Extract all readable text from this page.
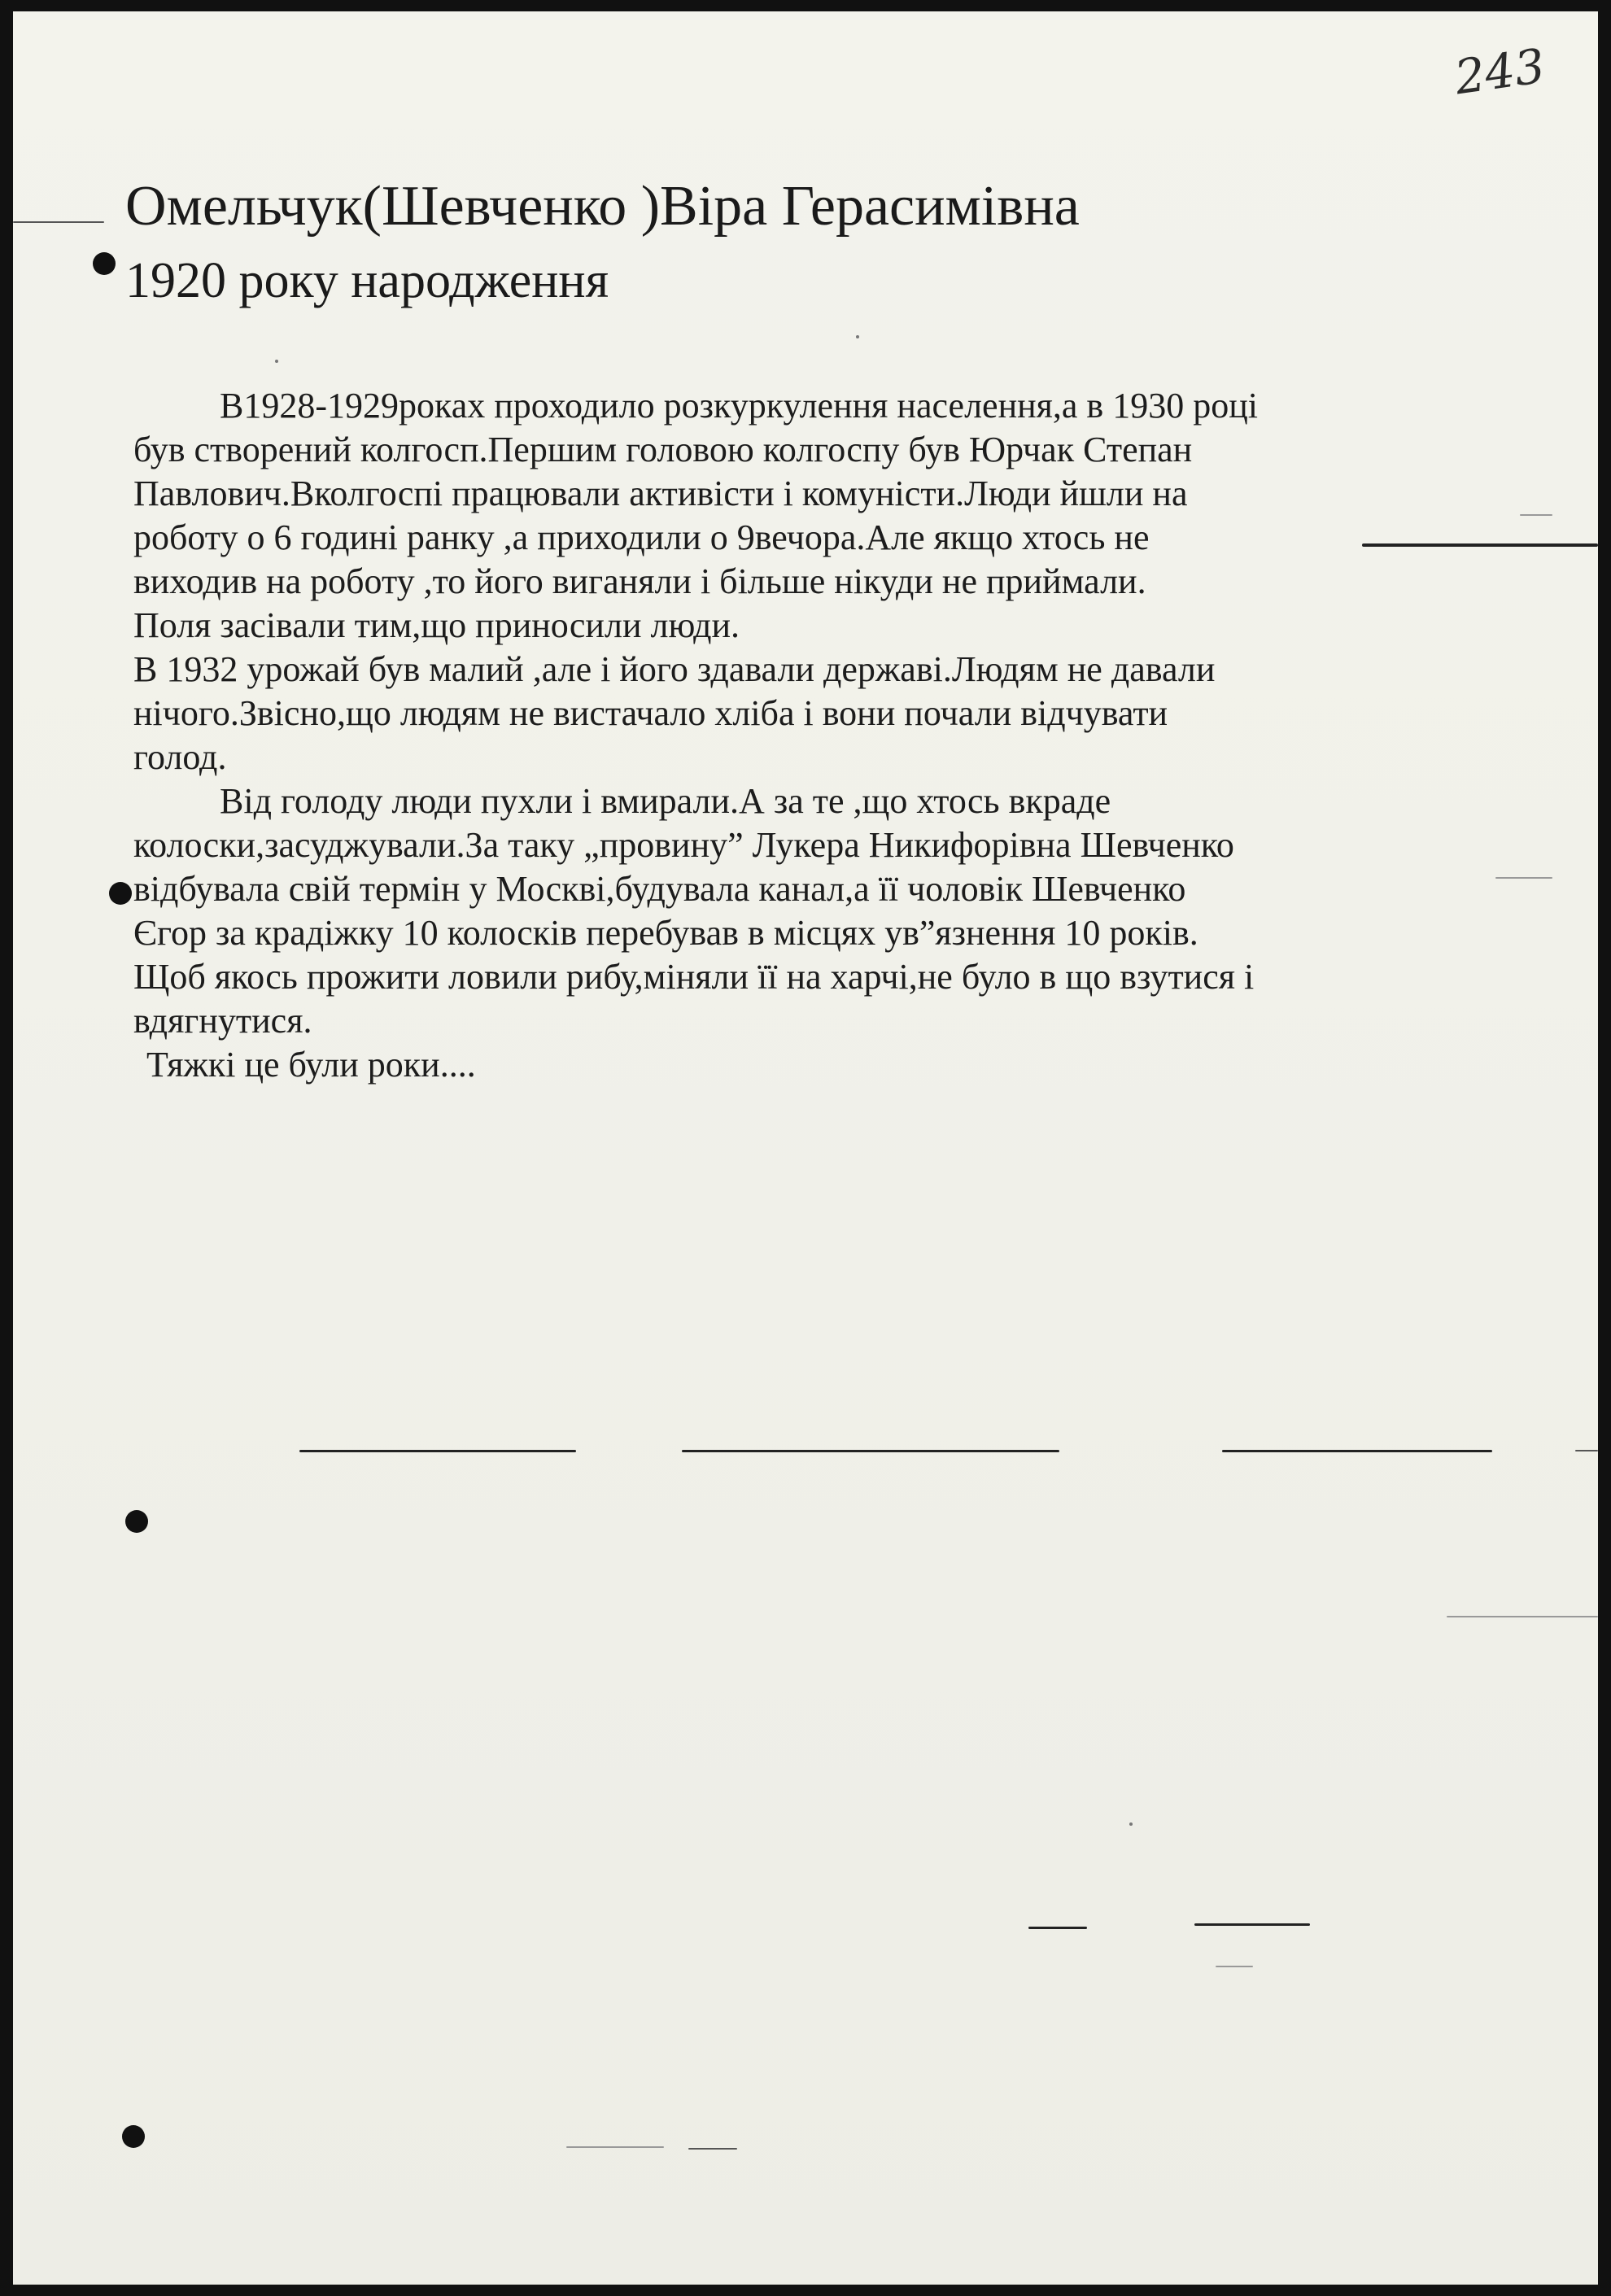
243
Омельчук(Шевченко )Віра Герасимівна
1920 року народження
В1928-1929роках проходило розкуркулення населення,а в 1930 році
був створений колгосп.Першим головою колгоспу був Юрчак Степан
Павлович.Вколгоспі працювали активісти і комуністи.Люди йшли на
роботу о 6 годині ранку ,а приходили о 9вечора.Але якщо хтось не
виходив на роботу ,то його виганяли і більше нікуди не приймали.
Поля засівали тим,що приносили люди.
В 1932 урожай був малий ,але і його здавали державі.Людям не давали
нічого.Звісно,що людям не вистачало хліба і вони почали відчувати
голод.
Від голоду люди пухли і вмирали.А за те ,що хтось вкраде
колоски,засуджували.За таку „провину” Лукера Никифорівна Шевченко
відбувала свій термін у Москві,будувала канал,а її чоловік Шевченко
Єгор за крадіжку 10 колосків перебував в місцях ув”язнення 10 років.
Щоб якось прожити ловили рибу,міняли її на харчі,не було в що взутися і
вдягнутися.
Тяжкі це були роки....
